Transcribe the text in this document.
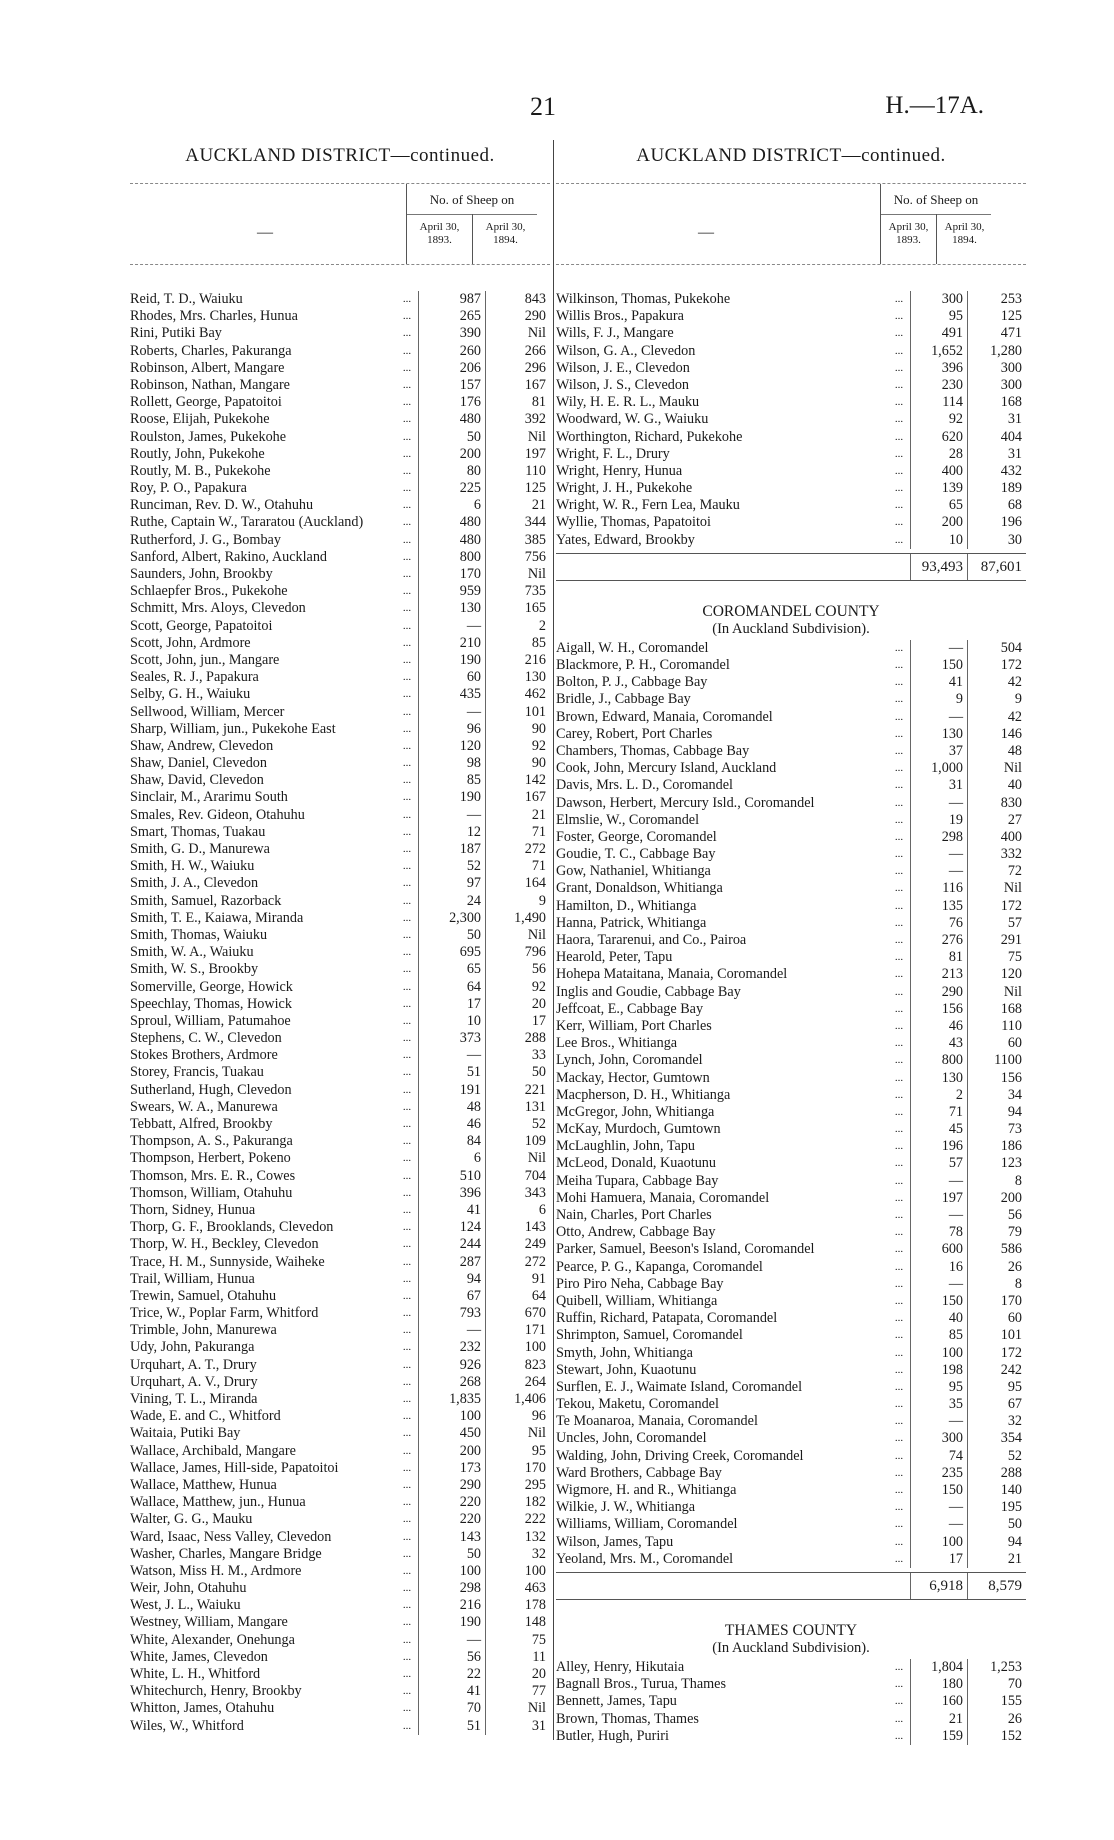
21	H.—17A.
AUCKLAND DISTRICT—continued.
—
No. of Sheep on
April 30, 1893.
April 30, 1894.
Reid, T. D., Waiuku	...	987	843
Rhodes, Mrs. Charles, Hunua	...	265	290
Rini, Putiki Bay	...	390	Nil
Roberts, Charles, Pakuranga	...	260	266
Robinson, Albert, Mangare	...	206	296
Robinson, Nathan, Mangare	...	157	167
Rollett, George, Papatoitoi	...	176	81
Roose, Elijah, Pukekohe	...	480	392
Roulston, James, Pukekohe	...	50	Nil
Routly, John, Pukekohe	...	200	197
Routly, M. B., Pukekohe	...	80	110
Roy, P. O., Papakura	...	225	125
Runciman, Rev. D. W., Otahuhu	...	6	21
Ruthe, Captain W., Tararatou (Auckland)	...	480	344
Rutherford, J. G., Bombay	...	480	385
Sanford, Albert, Rakino, Auckland	...	800	756
Saunders, John, Brookby	...	170	Nil
Schlaepfer Bros., Pukekohe	...	959	735
Schmitt, Mrs. Aloys, Clevedon	...	130	165
Scott, George, Papatoitoi	...	—	2
Scott, John, Ardmore	...	210	85
Scott, John, jun., Mangare	...	190	216
Seales, R. J., Papakura	...	60	130
Selby, G. H., Waiuku	...	435	462
Sellwood, William, Mercer	...	—	101
Sharp, William, jun., Pukekohe East	...	96	90
Shaw, Andrew, Clevedon	...	120	92
Shaw, Daniel, Clevedon	...	98	90
Shaw, David, Clevedon	...	85	142
Sinclair, M., Ararimu South	...	190	167
Smales, Rev. Gideon, Otahuhu	...	—	21
Smart, Thomas, Tuakau	...	12	71
Smith, G. D., Manurewa	...	187	272
Smith, H. W., Waiuku	...	52	71
Smith, J. A., Clevedon	...	97	164
Smith, Samuel, Razorback	...	24	9
Smith, T. E., Kaiawa, Miranda	...	2,300	1,490
Smith, Thomas, Waiuku	...	50	Nil
Smith, W. A., Waiuku	...	695	796
Smith, W. S., Brookby	...	65	56
Somerville, George, Howick	...	64	92
Speechlay, Thomas, Howick	...	17	20
Sproul, William, Patumahoe	...	10	17
Stephens, C. W., Clevedon	...	373	288
Stokes Brothers, Ardmore	...	—	33
Storey, Francis, Tuakau	...	51	50
Sutherland, Hugh, Clevedon	...	191	221
Swears, W. A., Manurewa	...	48	131
Tebbatt, Alfred, Brookby	...	46	52
Thompson, A. S., Pakuranga	...	84	109
Thompson, Herbert, Pokeno	...	6	Nil
Thomson, Mrs. E. R., Cowes	...	510	704
Thomson, William, Otahuhu	...	396	343
Thorn, Sidney, Hunua	...	41	6
Thorp, G. F., Brooklands, Clevedon	...	124	143
Thorp, W. H., Beckley, Clevedon	...	244	249
Trace, H. M., Sunnyside, Waiheke	...	287	272
Trail, William, Hunua	...	94	91
Trewin, Samuel, Otahuhu	...	67	64
Trice, W., Poplar Farm, Whitford	...	793	670
Trimble, John, Manurewa	...	—	171
Udy, John, Pakuranga	...	232	100
Urquhart, A. T., Drury	...	926	823
Urquhart, A. V., Drury	...	268	264
Vining, T. L., Miranda	...	1,835	1,406
Wade, E. and C., Whitford	...	100	96
Waitaia, Putiki Bay	...	450	Nil
Wallace, Archibald, Mangare	...	200	95
Wallace, James, Hill-side, Papatoitoi	...	173	170
Wallace, Matthew, Hunua	...	290	295
Wallace, Matthew, jun., Hunua	...	220	182
Walter, G. G., Mauku	...	220	222
Ward, Isaac, Ness Valley, Clevedon	...	143	132
Washer, Charles, Mangare Bridge	...	50	32
Watson, Miss H. M., Ardmore	...	100	100
Weir, John, Otahuhu	...	298	463
West, J. L., Waiuku	...	216	178
Westney, William, Mangare	...	190	148
White, Alexander, Onehunga	...	—	75
White, James, Clevedon	...	56	11
White, L. H., Whitford	...	22	20
Whitechurch, Henry, Brookby	...	41	77
Whitton, James, Otahuhu	...	70	Nil
Wiles, W., Whitford	...	51	31
AUCKLAND DISTRICT—continued.
—
No. of Sheep on
April 30, 1893.
April 30, 1894.
Wilkinson, Thomas, Pukekohe	...	300	253
Willis Bros., Papakura	...	95	125
Wills, F. J., Mangare	...	491	471
Wilson, G. A., Clevedon	...	1,652	1,280
Wilson, J. E., Clevedon	...	396	300
Wilson, J. S., Clevedon	...	230	300
Wily, H. E. R. L., Mauku	...	114	168
Woodward, W. G., Waiuku	...	92	31
Worthington, Richard, Pukekohe	...	620	404
Wright, F. L., Drury	...	28	31
Wright, Henry, Hunua	...	400	432
Wright, J. H., Pukekohe	...	139	189
Wright, W. R., Fern Lea, Mauku	...	65	68
Wyllie, Thomas, Papatoitoi	...	200	196
Yates, Edward, Brookby	...	10	30
93,493	87,601
COROMANDEL COUNTY
(In Auckland Subdivision).
Aigall, W. H., Coromandel	...	—	504
Blackmore, P. H., Coromandel	...	150	172
Bolton, P. J., Cabbage Bay	...	41	42
Bridle, J., Cabbage Bay	...	9	9
Brown, Edward, Manaia, Coromandel	...	—	42
Carey, Robert, Port Charles	...	130	146
Chambers, Thomas, Cabbage Bay	...	37	48
Cook, John, Mercury Island, Auckland	...	1,000	Nil
Davis, Mrs. L. D., Coromandel	...	31	40
Dawson, Herbert, Mercury Isld., Coromandel	...	—	830
Elmslie, W., Coromandel	...	19	27
Foster, George, Coromandel	...	298	400
Goudie, T. C., Cabbage Bay	...	—	332
Gow, Nathaniel, Whitianga	...	—	72
Grant, Donaldson, Whitianga	...	116	Nil
Hamilton, D., Whitianga	...	135	172
Hanna, Patrick, Whitianga	...	76	57
Haora, Tararenui, and Co., Pairoa	...	276	291
Hearold, Peter, Tapu	...	81	75
Hohepa Mataitana, Manaia, Coromandel	...	213	120
Inglis and Goudie, Cabbage Bay	...	290	Nil
Jeffcoat, E., Cabbage Bay	...	156	168
Kerr, William, Port Charles	...	46	110
Lee Bros., Whitianga	...	43	60
Lynch, John, Coromandel	...	800	1100
Mackay, Hector, Gumtown	...	130	156
Macpherson, D. H., Whitianga	...	2	34
McGregor, John, Whitianga	...	71	94
McKay, Murdoch, Gumtown	...	45	73
McLaughlin, John, Tapu	...	196	186
McLeod, Donald, Kuaotunu	...	57	123
Meiha Tupara, Cabbage Bay	...	—	8
Mohi Hamuera, Manaia, Coromandel	...	197	200
Nain, Charles, Port Charles	...	—	56
Otto, Andrew, Cabbage Bay	...	78	79
Parker, Samuel, Beeson's Island, Coromandel	...	600	586
Pearce, P. G., Kapanga, Coromandel	...	16	26
Piro Piro Neha, Cabbage Bay	...	—	8
Quibell, William, Whitianga	...	150	170
Ruffin, Richard, Patapata, Coromandel	...	40	60
Shrimpton, Samuel, Coromandel	...	85	101
Smyth, John, Whitianga	...	100	172
Stewart, John, Kuaotunu	...	198	242
Surflen, E. J., Waimate Island, Coromandel	...	95	95
Tekou, Maketu, Coromandel	...	35	67
Te Moanaroa, Manaia, Coromandel	...	—	32
Uncles, John, Coromandel	...	300	354
Walding, John, Driving Creek, Coromandel	...	74	52
Ward Brothers, Cabbage Bay	...	235	288
Wigmore, H. and R., Whitianga	...	150	140
Wilkie, J. W., Whitianga	...	—	195
Williams, William, Coromandel	...	—	50
Wilson, James, Tapu	...	100	94
Yeoland, Mrs. M., Coromandel	...	17	21
6,918	8,579
THAMES COUNTY
(In Auckland Subdivision).
Alley, Henry, Hikutaia	...	1,804	1,253
Bagnall Bros., Turua, Thames	...	180	70
Bennett, James, Tapu	...	160	155
Brown, Thomas, Thames	...	21	26
Butler, Hugh, Puriri	...	159	152
